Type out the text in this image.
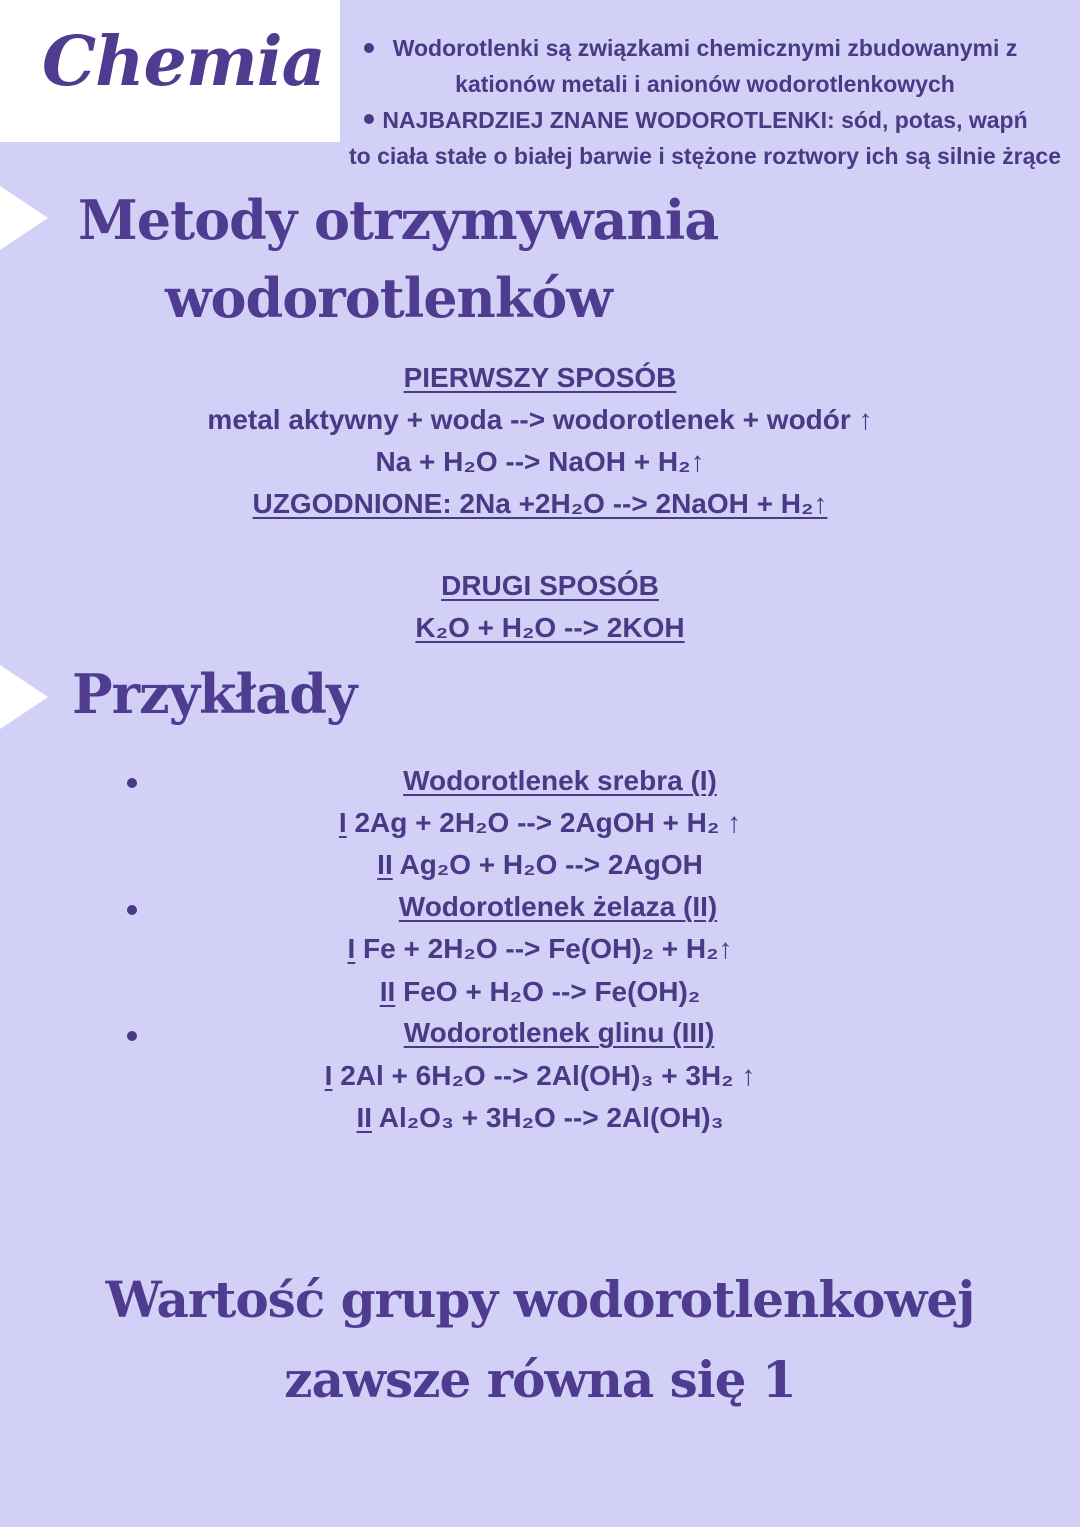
Chemia	Wodorotlenki są związkami chemicznymi zbudowanymi z
kationów metali i anionów wodorotlenkowych
NAJBARDZIEJ ZNANE WODOROTLENKI: sód, potas, wapń
to ciała stałe o białej barwie i stężone roztwory ich są silnie żrące
Metody otrzymywania
wodorotlenków
PIERWSZY SPOSÓB
metal aktywny + woda --> wodorotlenek + wodór ↑
Na + H₂O --> NaOH + H₂↑
UZGODNIONE: 2Na +2H₂O --> 2NaOH + H₂↑
DRUGI SPOSÓB
K₂O + H₂O --> 2KOH
Przykłady
Wodorotlenek srebra (I)
I 2Ag + 2H₂O --> 2AgOH + H₂ ↑
II Ag₂O + H₂O --> 2AgOH
Wodorotlenek żelaza (II)
I Fe + 2H₂O --> Fe(OH)₂ + H₂↑
II FeO + H₂O --> Fe(OH)₂
Wodorotlenek glinu (III)
I 2Al + 6H₂O --> 2Al(OH)₃ + 3H₂ ↑
II Al₂O₃ + 3H₂O --> 2Al(OH)₃
Wartość grupy wodorotlenkowej
zawsze równa się 1
